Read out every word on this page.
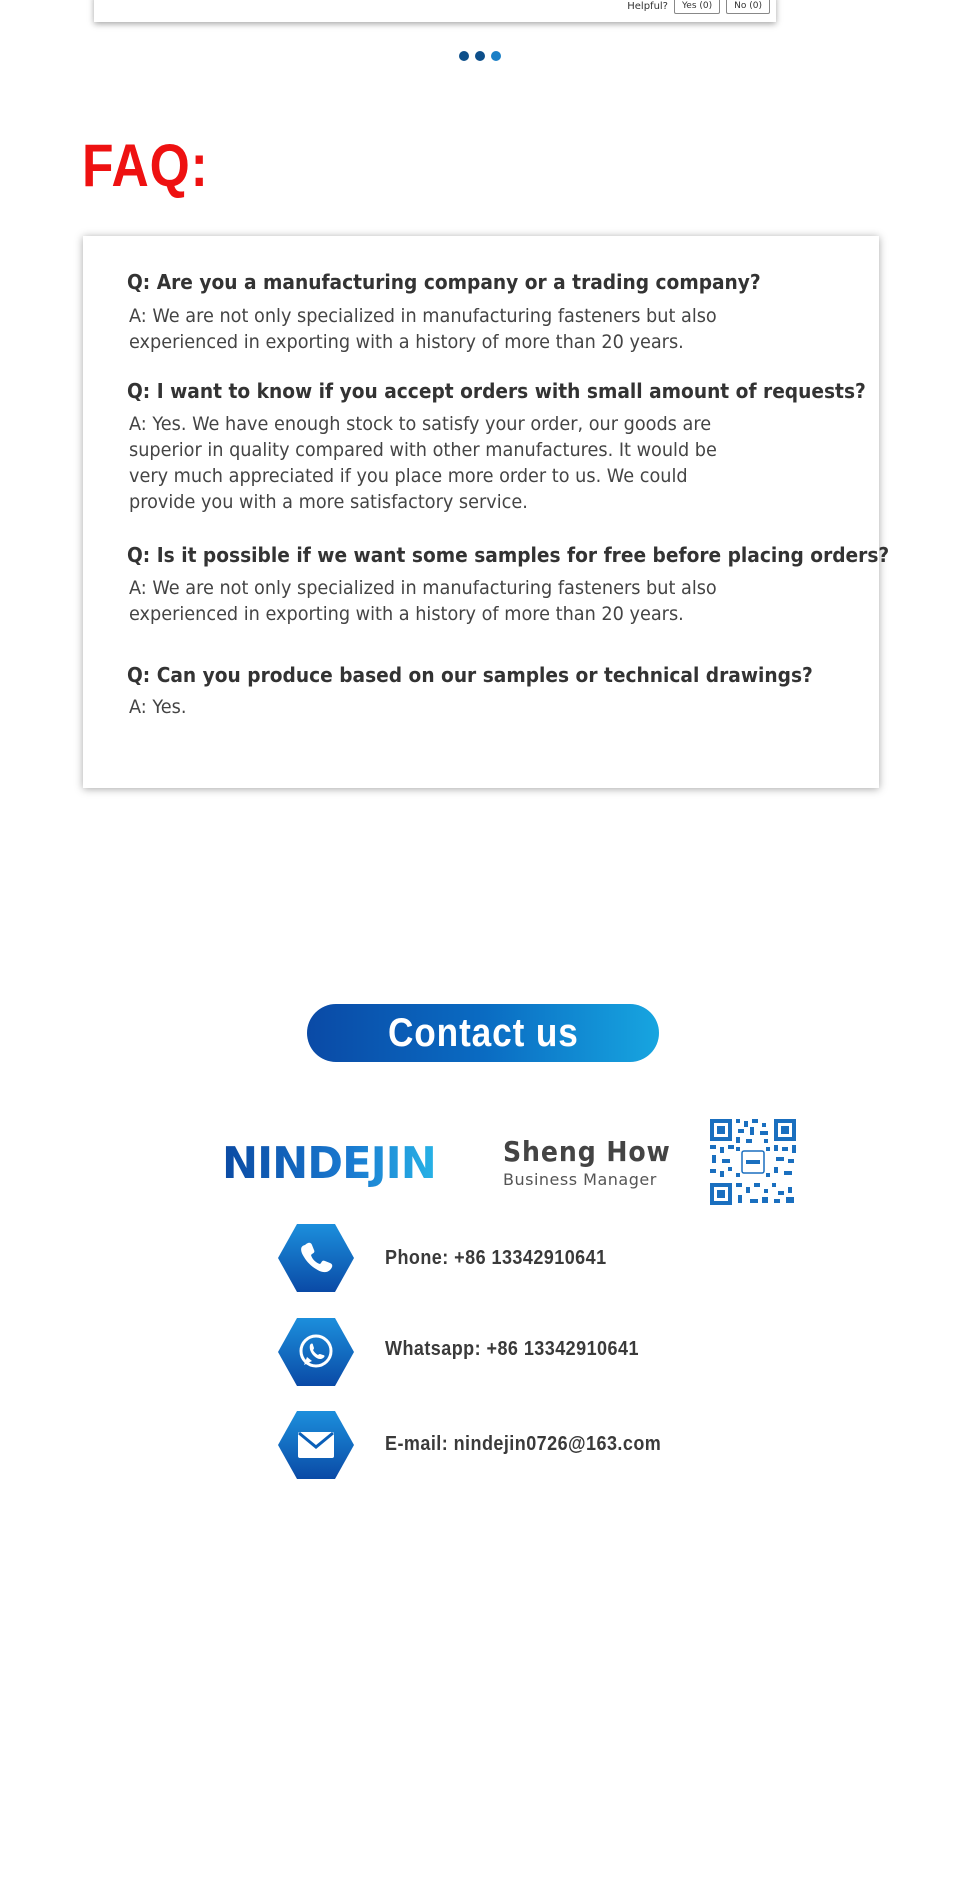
Helpful?	Yes (0)	No (0)
FAQ:
Q: Are you a manufacturing company or a trading company?
A: We are not only specialized in manufacturing fasteners but also
experienced in exporting with a history of more than 20 years.
Q: I want to know if you accept orders with small amount of requests?
A: Yes. We have enough stock to satisfy your order, our goods are
superior in quality compared with other manufactures. It would be
very much appreciated if you place more order to us. We could
provide you with a more satisfactory service.
Q: Is it possible if we want some samples for free before placing orders?
A: We are not only specialized in manufacturing fasteners but also
experienced in exporting with a history of more than 20 years.
Q: Can you produce based on our samples or technical drawings?
A: Yes.
Contact us
NINDEJIN Sheng How
Business Manager
Phone: +86 13342910641
Whatsapp: +86 13342910641
E-mail: nindejin0726@163.com
